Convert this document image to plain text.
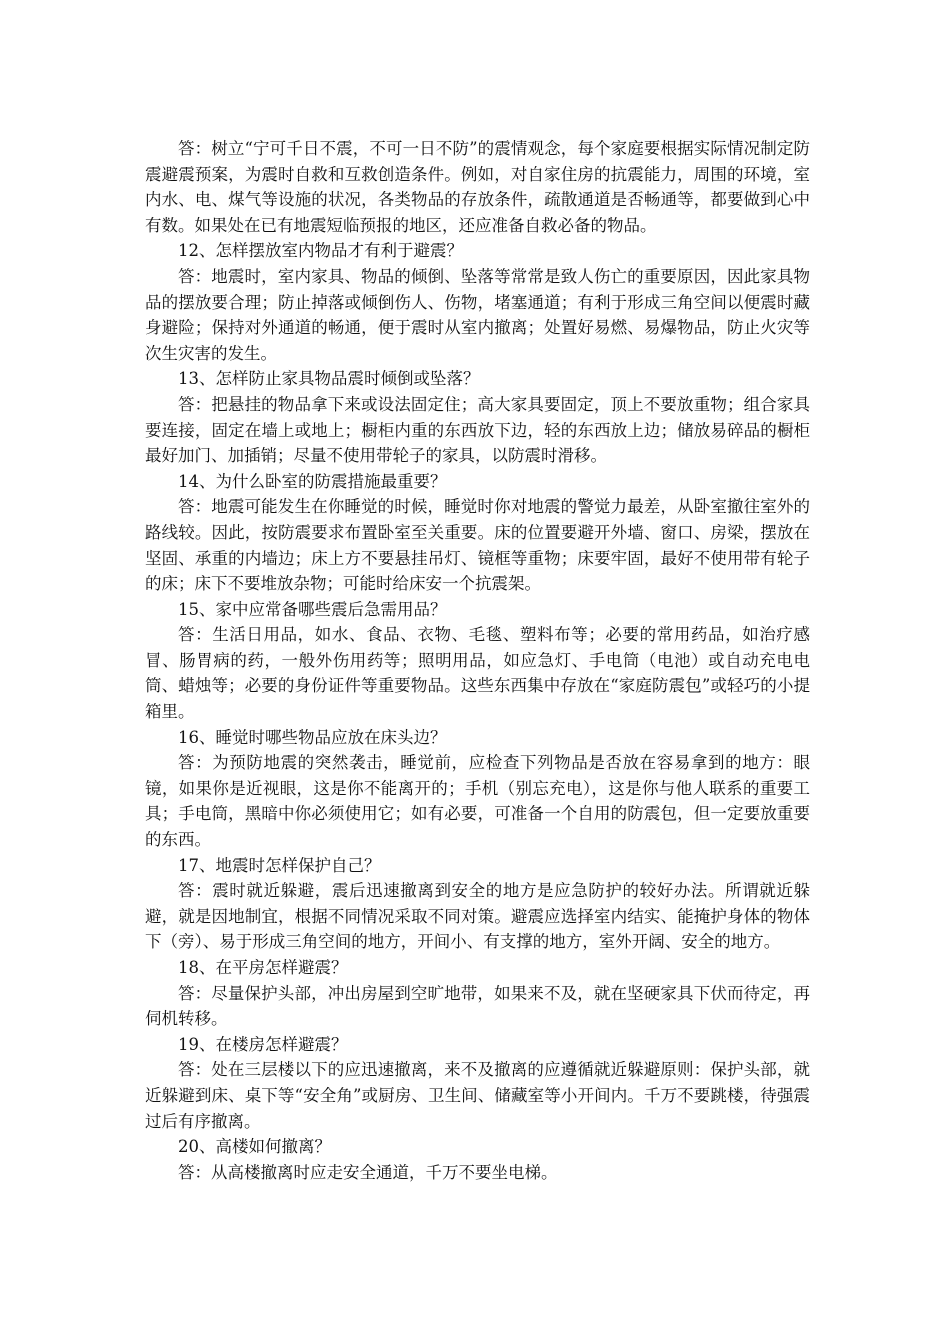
答：树立“宁可千日不震，不可一日不防”的震情观念，每个家庭要根据实际情况制定防震避震预案，为震时自救和互救创造条件。例如，对自家住房的抗震能力，周围的环境，室内水、电、煤气等设施的状况，各类物品的存放条件，疏散通道是否畅通等，都要做到心中有数。如果处在已有地震短临预报的地区，还应准备自救必备的物品。

12、怎样摆放室内物品才有利于避震？

答：地震时，室内家具、物品的倾倒、坠落等常常是致人伤亡的重要原因，因此家具物品的摆放要合理；防止掉落或倾倒伤人、伤物，堵塞通道；有利于形成三角空间以便震时藏身避险；保持对外通道的畅通，便于震时从室内撤离；处置好易燃、易爆物品，防止火灾等次生灾害的发生。

13、怎样防止家具物品震时倾倒或坠落？

答：把悬挂的物品拿下来或设法固定住；高大家具要固定，顶上不要放重物；组合家具要连接，固定在墙上或地上；橱柜内重的东西放下边，轻的东西放上边；储放易碎品的橱柜最好加门、加插销；尽量不使用带轮子的家具，以防震时滑移。

14、为什么卧室的防震措施最重要？

答：地震可能发生在你睡觉的时候，睡觉时你对地震的警觉力最差，从卧室撤往室外的路线较。因此，按防震要求布置卧室至关重要。床的位置要避开外墙、窗口、房梁，摆放在坚固、承重的内墙边；床上方不要悬挂吊灯、镜框等重物；床要牢固，最好不使用带有轮子的床；床下不要堆放杂物；可能时给床安一个抗震架。

15、家中应常备哪些震后急需用品？

答：生活日用品，如水、食品、衣物、毛毯、塑料布等；必要的常用药品，如治疗感冒、肠胃病的药，一般外伤用药等；照明用品，如应急灯、手电筒（电池）或自动充电电筒、蜡烛等；必要的身份证件等重要物品。这些东西集中存放在“家庭防震包”或轻巧的小提箱里。

16、睡觉时哪些物品应放在床头边？

答：为预防地震的突然袭击，睡觉前，应检查下列物品是否放在容易拿到的地方：眼镜，如果你是近视眼，这是你不能离开的；手机（别忘充电），这是你与他人联系的重要工具；手电筒，黑暗中你必须使用它；如有必要，可准备一个自用的防震包，但一定要放重要的东西。

17、地震时怎样保护自己？

答：震时就近躲避，震后迅速撤离到安全的地方是应急防护的较好办法。所谓就近躲避，就是因地制宜，根据不同情况采取不同对策。避震应选择室内结实、能掩护身体的物体下（旁）、易于形成三角空间的地方，开间小、有支撑的地方，室外开阔、安全的地方。

18、在平房怎样避震？

答：尽量保护头部，冲出房屋到空旷地带，如果来不及，就在坚硬家具下伏而待定，再伺机转移。

19、在楼房怎样避震？

答：处在三层楼以下的应迅速撤离，来不及撤离的应遵循就近躲避原则：保护头部，就近躲避到床、桌下等“安全角”或厨房、卫生间、储藏室等小开间内。千万不要跳楼，待强震过后有序撤离。

20、高楼如何撤离？

答：从高楼撤离时应走安全通道，千万不要坐电梯。
